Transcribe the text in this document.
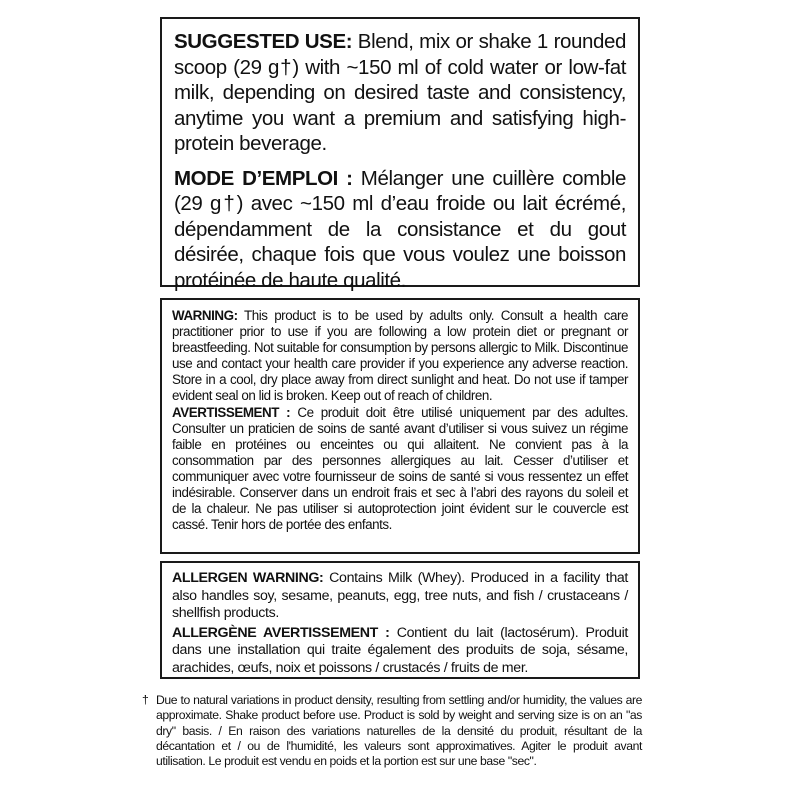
SUGGESTED USE: Blend, mix or shake 1 rounded scoop (29 g†) with ~150 ml of cold water or low-fat milk, depending on desired taste and consistency, anytime you want a premium and satisfying high-protein beverage.

MODE D’EMPLOI : Mélanger une cuillère comble (29 g†) avec ~150 ml d’eau froide ou lait écrémé, dépendamment de la consistance et du gout désirée, chaque fois que vous voulez une boisson protéinée de haute qualité.

WARNING: This product is to be used by adults only. Consult a health care practitioner prior to use if you are following a low protein diet or pregnant or breastfeeding. Not suitable for consumption by persons allergic to Milk. Discontinue use and contact your health care provider if you experience any adverse reaction. Store in a cool, dry place away from direct sunlight and heat. Do not use if tamper evident seal on lid is broken. Keep out of reach of children.

AVERTISSEMENT : Ce produit doit être utilisé uniquement par des adultes. Consulter un praticien de soins de santé avant d’utiliser si vous suivez un régime faible en protéines ou enceintes ou qui allaitent. Ne convient pas à la consommation par des personnes allergiques au lait. Cesser d’utiliser et communiquer avec votre fournisseur de soins de santé si vous ressentez un effet indésirable. Conserver dans un endroit frais et sec à l’abri des rayons du soleil et de la chaleur. Ne pas utiliser si autoprotection joint évident sur le couvercle est cassé. Tenir hors de portée des enfants.

ALLERGEN WARNING: Contains Milk (Whey). Produced in a facility that also handles soy, sesame, peanuts, egg, tree nuts, and fish / crustaceans / shellfish products.

ALLERGÈNE AVERTISSEMENT : Contient du lait (lactosérum). Produit dans une installation qui traite également des produits de soja, sésame, arachides, œufs, noix et poissons / crustacés / fruits de mer.

† Due to natural variations in product density, resulting from settling and/or humidity, the values are approximate. Shake product before use. Product is sold by weight and serving size is on an "as dry" basis. / En raison des variations naturelles de la densité du produit, résultant de la décantation et / ou de l'humidité, les valeurs sont approximatives. Agiter le produit avant utilisation. Le produit est vendu en poids et la portion est sur une base "sec".
